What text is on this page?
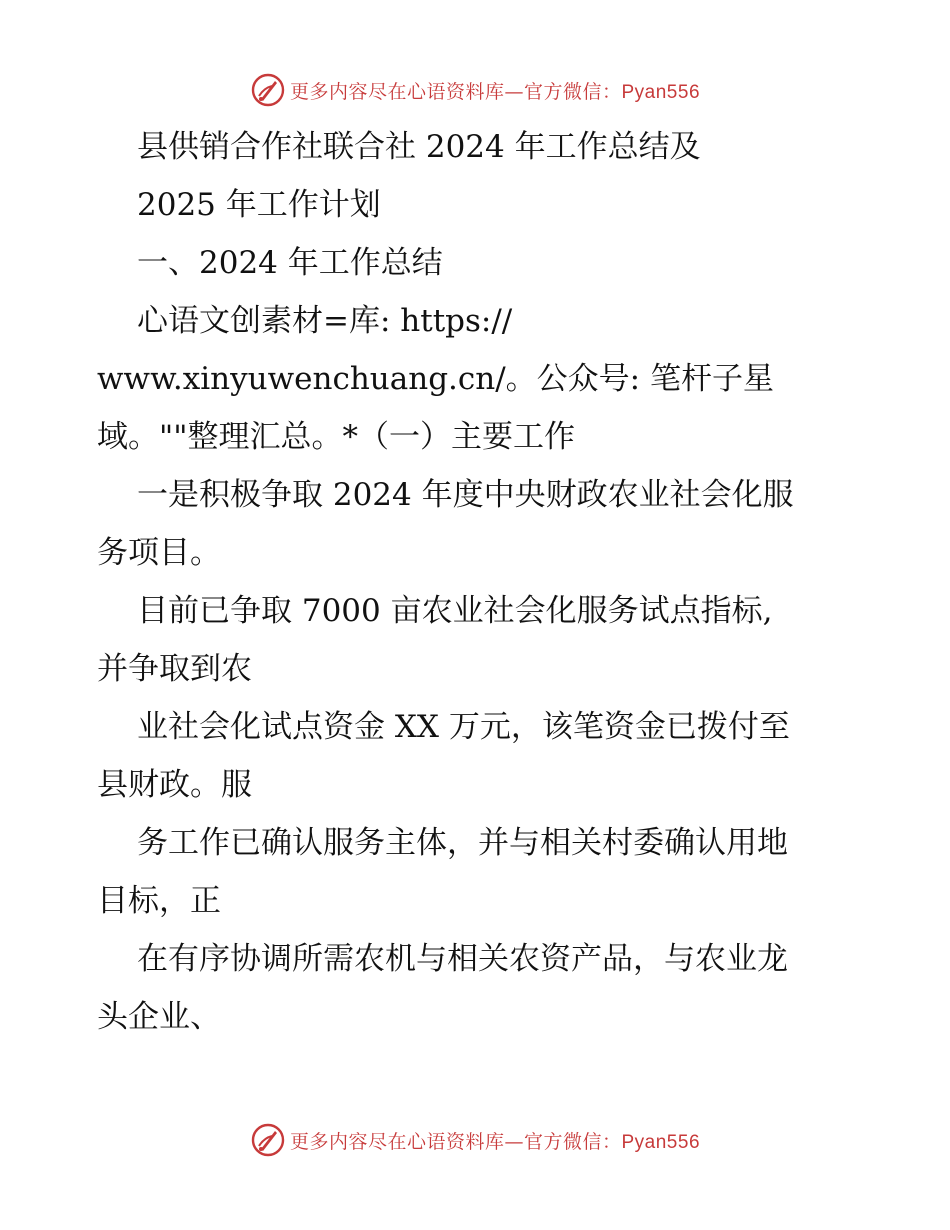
更多内容尽在心语资料库—官方微信：Pyan556
县供销合作社联合社 2024 年工作总结及
2025 年工作计划
一、2024 年工作总结
心语文创素材=库: https://
www.xinyuwenchuang.cn/。公众号: 笔杆子星
域。""整理汇总。*（一）主要工作
一是积极争取 2024 年度中央财政农业社会化服
务项目。
目前已争取 7000 亩农业社会化服务试点指标,
并争取到农
业社会化试点资金 XX 万元，该笔资金已拨付至
县财政。服
务工作已确认服务主体，并与相关村委确认用地
目标，正
在有序协调所需农机与相关农资产品，与农业龙
头企业、
更多内容尽在心语资料库—官方微信：Pyan556
